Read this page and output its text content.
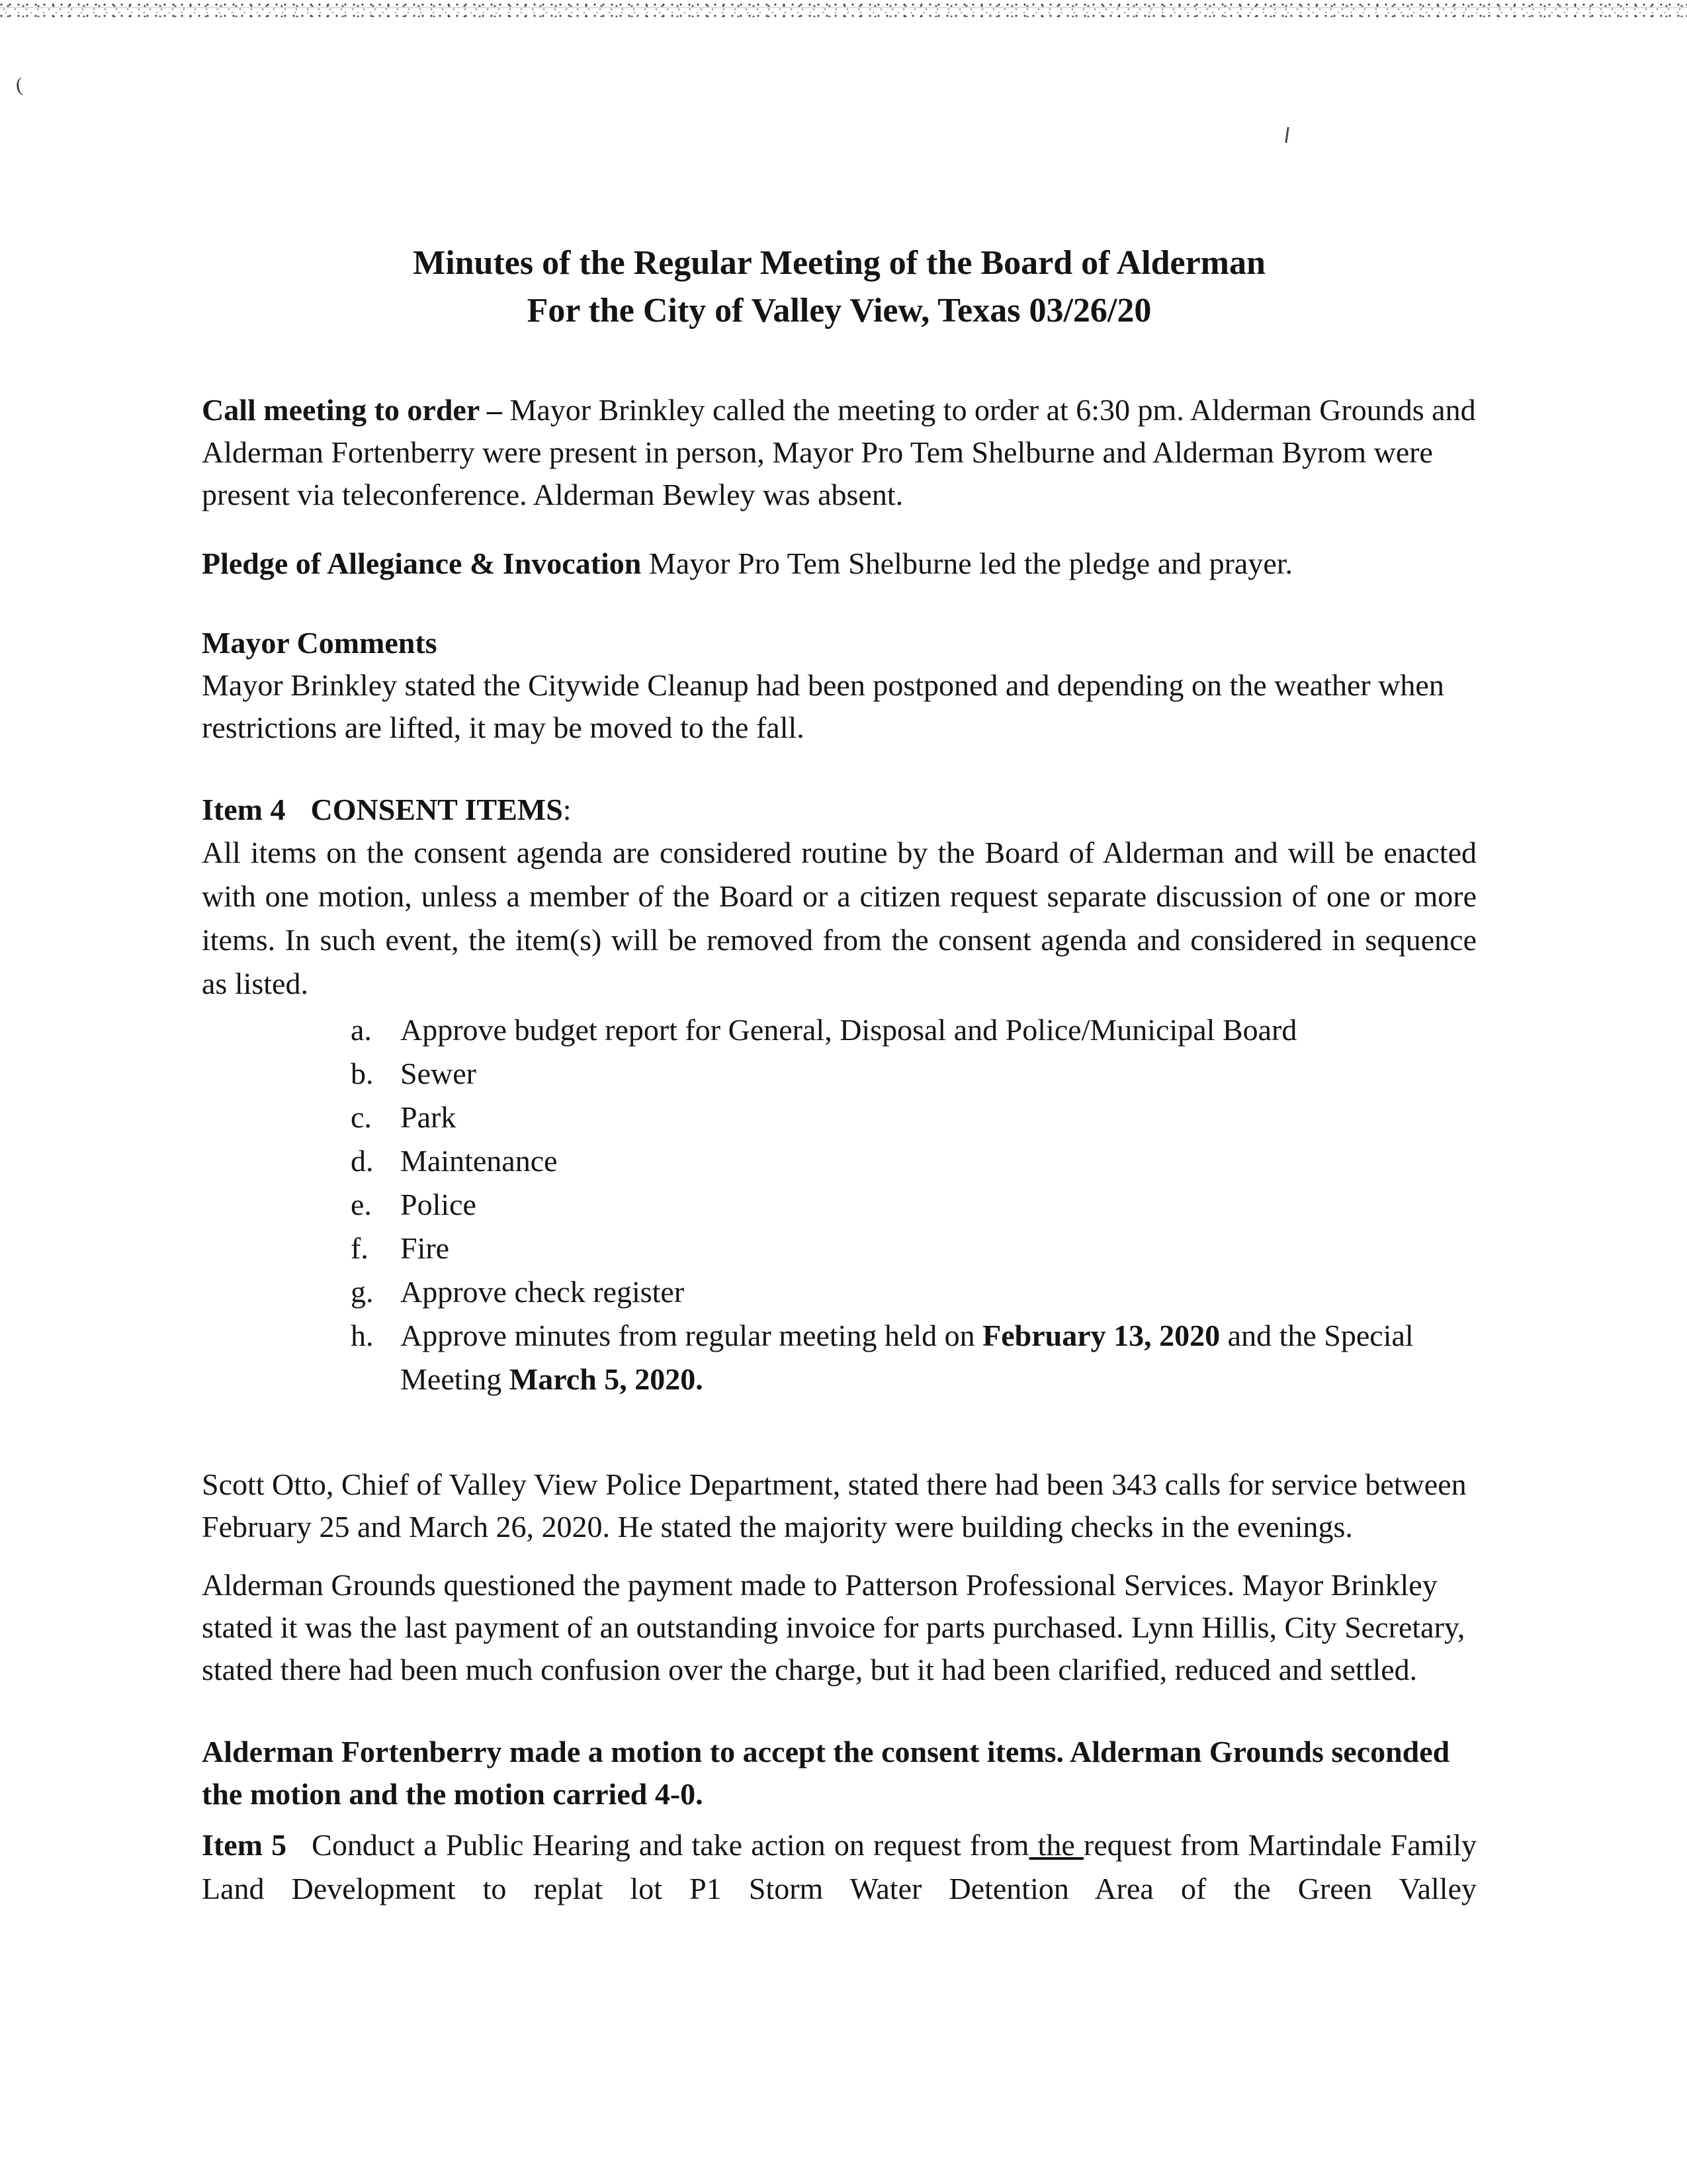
(
Minutes of the Regular Meeting of the Board of Alderman
For the City of Valley View, Texas 03/26/20

Call meeting to order – Mayor Brinkley called the meeting to order at 6:30 pm. Alderman Grounds and Alderman Fortenberry were present in person, Mayor Pro Tem Shelburne and Alderman Byrom were present via teleconference. Alderman Bewley was absent.

Pledge of Allegiance & Invocation Mayor Pro Tem Shelburne led the pledge and prayer.

Mayor Comments

Mayor Brinkley stated the Citywide Cleanup had been postponed and depending on the weather when restrictions are lifted, it may be moved to the fall.

Item 4 CONSENT ITEMS:

All items on the consent agenda are considered routine by the Board of Alderman and will be enacted with one motion, unless a member of the Board or a citizen request separate discussion of one or more items. In such event, the item(s) will be removed from the consent agenda and considered in sequence as listed.

a. Approve budget report for General, Disposal and Police/Municipal Board
b. Sewer
c. Park
d. Maintenance
e. Police
f. Fire
g. Approve check register
h. Approve minutes from regular meeting held on February 13, 2020 and the Special Meeting March 5, 2020.

Scott Otto, Chief of Valley View Police Department, stated there had been 343 calls for service between February 25 and March 26, 2020. He stated the majority were building checks in the evenings.

Alderman Grounds questioned the payment made to Patterson Professional Services. Mayor Brinkley stated it was the last payment of an outstanding invoice for parts purchased. Lynn Hillis, City Secretary, stated there had been much confusion over the charge, but it had been clarified, reduced and settled.

Alderman Fortenberry made a motion to accept the consent items. Alderman Grounds seconded the motion and the motion carried 4-0.

Item 5 Conduct a Public Hearing and take action on request from the request from Martindale Family Land Development to replat lot P1 Storm Water Detention Area of the Green Valley
